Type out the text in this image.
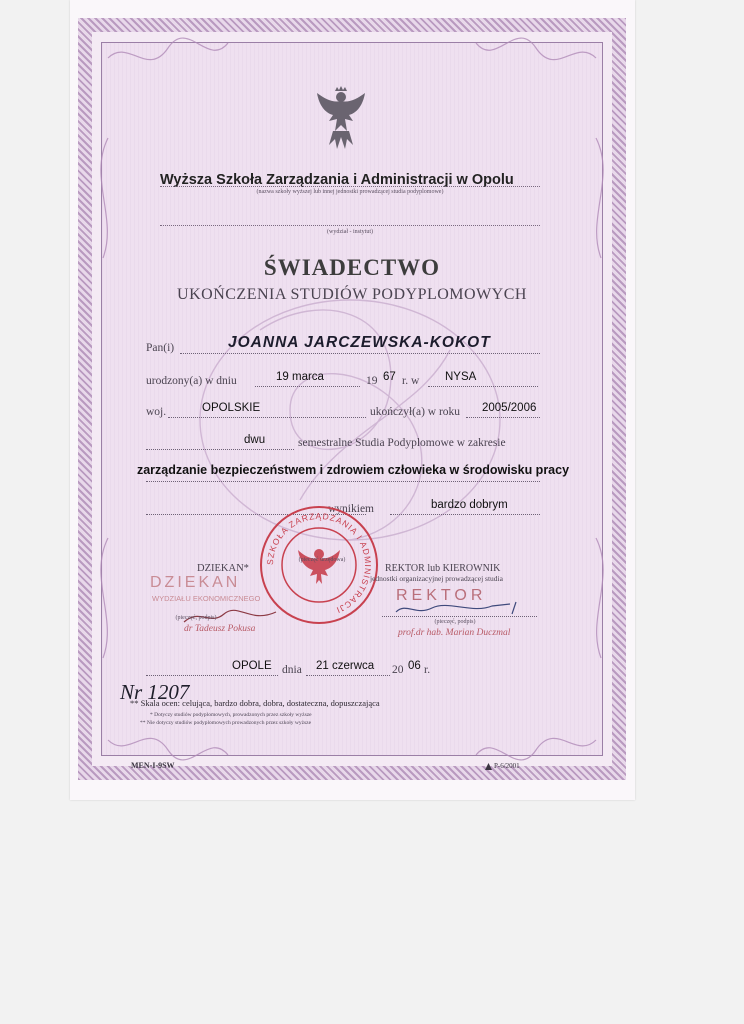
Wyższa Szkoła Zarządzania i Administracji w Opolu
(nazwa szkoły wyższej lub innej jednostki prowadzącej studia podyplomowe)
(wydział - instytut)
ŚWIADECTWO
UKOŃCZENIA STUDIÓW PODYPLOMOWYCH
Pan(i)	JOANNA JARCZEWSKA-KOKOT
urodzony(a) w dniu	19 marca	19 67 r. w NYSA
woj.	OPOLSKIE	ukończył(a) w roku 2005/2006
dwu	semestralne Studia Podyplomowe w zakresie
zarządzanie bezpieczeństwem i zdrowiem człowieka w środowisku pracy
wynikiem	bardzo dobrym
SZKOŁA ZARZĄDZANIA I ADMINISTRACJI
(pieczęć urzędowa)
DZIEKAN*
DZIEKAN
WYDZIAŁU EKONOMICZNEGO
(pieczęć, podpis)
dr Tadeusz Pokusa
REKTOR lub KIEROWNIK
jednostki organizacyjnej prowadzącej studia
REKTOR
(pieczęć, podpis)
prof.dr hab. Marian Duczmal
OPOLE dnia 21 czerwca 20 06 r.
Nr 1207
** Skala ocen: celująca, bardzo dobra, dobra, dostateczna, dopuszczająca
* Dotyczy studiów podyplomowych, prowadzonych przez szkoły wyższe
** Nie dotyczy studiów podyplomowych prowadzonych przez szkoły wyższe
MEN-I-9SW	P-6/2001
